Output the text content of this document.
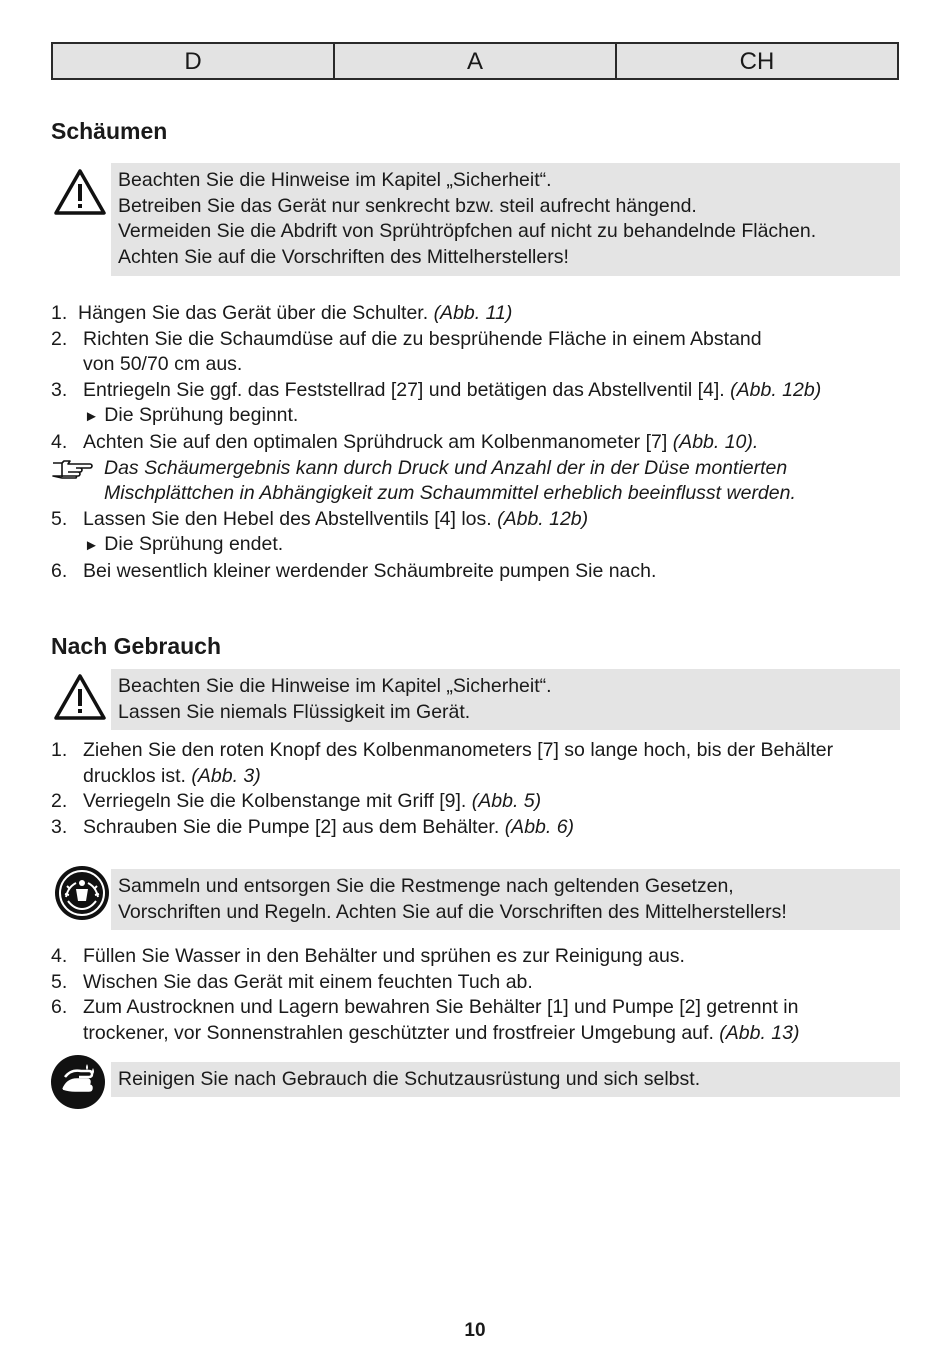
D	A	CH
Schäumen
Beachten Sie die Hinweise im Kapitel „Sicherheit“.
Betreiben Sie das Gerät nur senkrecht bzw. steil aufrecht hängend.
Vermeiden Sie die Abdrift von Sprühtröpfchen auf nicht zu behandelnde Flächen.
Achten Sie auf die Vorschriften des Mittelherstellers!
1. Hängen Sie das Gerät über die Schulter. (Abb. 11)
2. Richten Sie die Schaumdüse auf die zu besprühende Fläche in einem Abstand
von 50/70 cm aus.
3. Entriegeln Sie ggf. das Feststellrad [27] und betätigen das Abstellventil [4]. (Abb. 12b)
► Die Sprühung beginnt.
4. Achten Sie auf den optimalen Sprühdruck am Kolbenmanometer [7] (Abb. 10).
Das Schäumergebnis kann durch Druck und Anzahl der in der Düse montierten
Mischplättchen in Abhängigkeit zum Schaummittel erheblich beeinflusst werden.
5. Lassen Sie den Hebel des Abstellventils [4] los. (Abb. 12b)
► Die Sprühung endet.
6. Bei wesentlich kleiner werdender Schäumbreite pumpen Sie nach.
Nach Gebrauch
Beachten Sie die Hinweise im Kapitel „Sicherheit“.
Lassen Sie niemals Flüssigkeit im Gerät.
1. Ziehen Sie den roten Knopf des Kolbenmanometers [7] so lange hoch, bis der Behälter
drucklos ist. (Abb. 3)
2. Verriegeln Sie die Kolbenstange mit Griff [9]. (Abb. 5)
3. Schrauben Sie die Pumpe [2] aus dem Behälter. (Abb. 6)
Sammeln und entsorgen Sie die Restmenge nach geltenden Gesetzen,
Vorschriften und Regeln. Achten Sie auf die Vorschriften des Mittelherstellers!
4. Füllen Sie Wasser in den Behälter und sprühen es zur Reinigung aus.
5. Wischen Sie das Gerät mit einem feuchten Tuch ab.
6. Zum Austrocknen und Lagern bewahren Sie Behälter [1] und Pumpe [2] getrennt in
trockener, vor Sonnenstrahlen geschützter und frostfreier Umgebung auf. (Abb. 13)
Reinigen Sie nach Gebrauch die Schutzausrüstung und sich selbst.
10
